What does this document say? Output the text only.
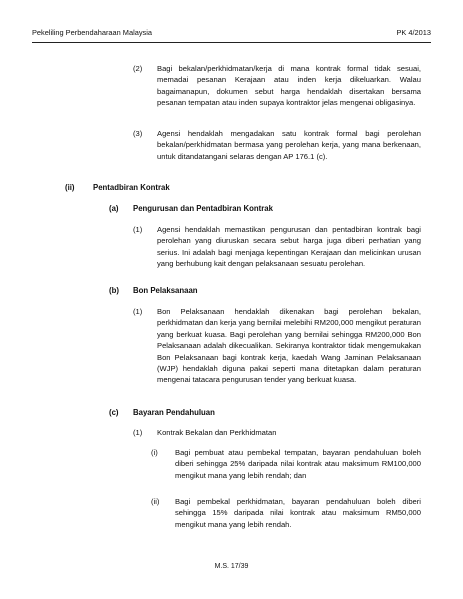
Pekeliling Perbendaharaan Malaysia	PK 4/2013
(2) Bagi bekalan/perkhidmatan/kerja di mana kontrak formal tidak sesuai, memadai pesanan Kerajaan atau inden kerja dikeluarkan. Walau bagaimanapun, dokumen sebut harga hendaklah disertakan bersama pesanan tempatan atau inden supaya kontraktor jelas mengenai obligasinya.
(3) Agensi hendaklah mengadakan satu kontrak formal bagi perolehan bekalan/perkhidmatan bermasa yang perolehan kerja, yang mana berkenaan, untuk ditandatangani selaras dengan AP 176.1 (c).
(ii) Pentadbiran Kontrak
(a) Pengurusan dan Pentadbiran Kontrak
(1) Agensi hendaklah memastikan pengurusan dan pentadbiran kontrak bagi perolehan yang diuruskan secara sebut harga juga diberi perhatian yang serius. Ini adalah bagi menjaga kepentingan Kerajaan dan melicinkan urusan yang berhubung kait dengan pelaksanaan sesuatu perolehan.
(b) Bon Pelaksanaan
(1) Bon Pelaksanaan hendaklah dikenakan bagi perolehan bekalan, perkhidmatan dan kerja yang bernilai melebihi RM200,000 mengikut peraturan yang berkuat kuasa. Bagi perolehan yang bernilai sehingga RM200,000 Bon Pelaksanaan adalah dikecualikan. Sekiranya kontraktor tidak mengemukakan Bon Pelaksanaan bagi kontrak kerja, kaedah Wang Jaminan Pelaksanaan (WJP) hendaklah diguna pakai seperti mana ditetapkan dalam peraturan mengenai tatacara pengurusan tender yang berkuat kuasa.
(c) Bayaran Pendahuluan
(1) Kontrak Bekalan dan Perkhidmatan
(i) Bagi pembuat atau pembekal tempatan, bayaran pendahuluan boleh diberi sehingga 25% daripada nilai kontrak atau maksimum RM100,000 mengikut mana yang lebih rendah; dan
(ii) Bagi pembekal perkhidmatan, bayaran pendahuluan boleh diberi sehingga 15% daripada nilai kontrak atau maksimum RM50,000 mengikut mana yang lebih rendah.
M.S. 17/39
